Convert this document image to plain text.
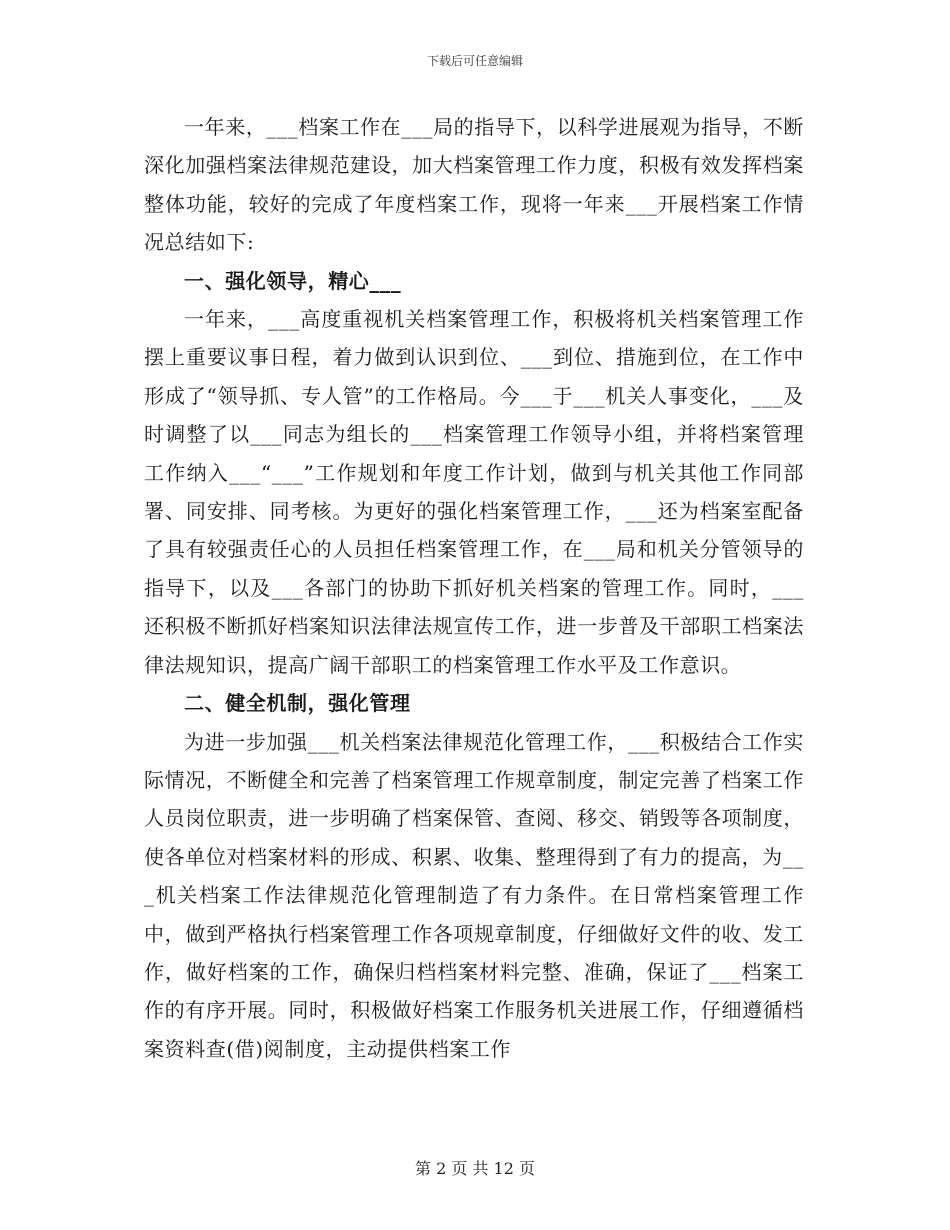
下载后可任意编辑

一年来，___档案工作在___局的指导下，以科学进展观为指导，不断深化加强档案法律规范建设，加大档案管理工作力度，积极有效发挥档案整体功能，较好的完成了年度档案工作，现将一年来___开展档案工作情况总结如下:

一、强化领导，精心___

一年来，___高度重视机关档案管理工作，积极将机关档案管理工作摆上重要议事日程，着力做到认识到位、___到位、措施到位，在工作中形成了“领导抓、专人管”的工作格局。今___于___机关人事变化，___及时调整了以___同志为组长的___档案管理工作领导小组，并将档案管理工作纳入___“___”工作规划和年度工作计划，做到与机关其他工作同部署、同安排、同考核。为更好的强化档案管理工作，___还为档案室配备了具有较强责任心的人员担任档案管理工作，在___局和机关分管领导的指导下，以及___各部门的协助下抓好机关档案的管理工作。同时，___还积极不断抓好档案知识法律法规宣传工作，进一步普及干部职工档案法律法规知识，提高广阔干部职工的档案管理工作水平及工作意识。

二、健全机制，强化管理

为进一步加强___机关档案法律规范化管理工作，___积极结合工作实际情况，不断健全和完善了档案管理工作规章制度，制定完善了档案工作人员岗位职责，进一步明确了档案保管、查阅、移交、销毁等各项制度，使各单位对档案材料的形成、积累、收集、整理得到了有力的提高，为___机关档案工作法律规范化管理制造了有力条件。在日常档案管理工作中，做到严格执行档案管理工作各项规章制度，仔细做好文件的收、发工作，做好档案的工作，确保归档档案材料完整、准确，保证了___档案工作的有序开展。同时，积极做好档案工作服务机关进展工作，仔细遵循档案资料查(借)阅制度，主动提供档案工作

第 2 页 共 12 页
